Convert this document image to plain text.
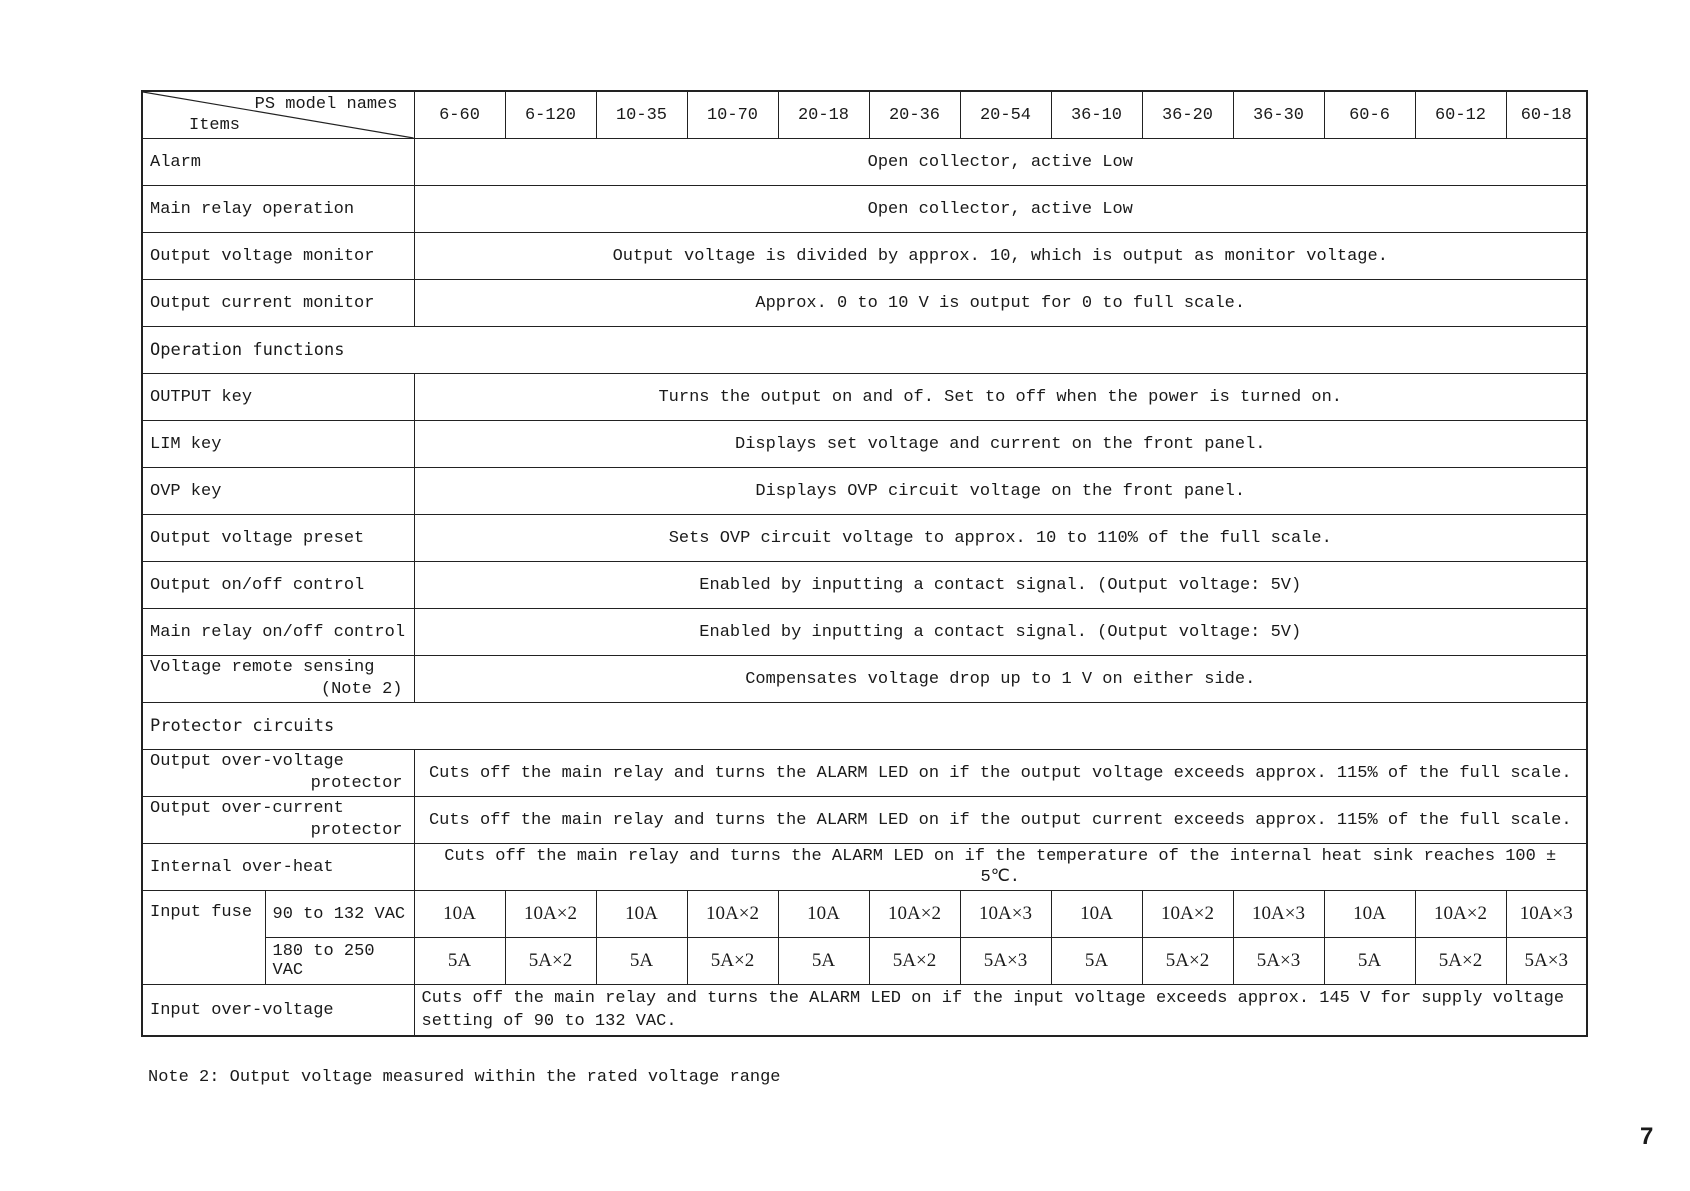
PS model names
Items		6-60	6-120	10-35	10-70	20-18	20-36	20-54	36-10	36-20	36-30	60-6	60-12	60-18
Alarm		Open collector, active Low												
Main relay operation		Open collector, active Low												
Output voltage monitor		Output voltage is divided by approx. 10, which is output as monitor voltage.												
Output current monitor		Approx. 0 to 10 V is output for 0 to full scale.												
Operation functions														
OUTPUT key		Turns the output on and of. Set to off when the power is turned on.												
LIM key		Displays set voltage and current on the front panel.												
OVP key		Displays OVP circuit voltage on the front panel.												
Output voltage preset		Sets OVP circuit voltage to approx. 10 to 110% of the full scale.												
Output on/off control		Enabled by inputting a contact signal. (Output voltage: 5V)												
Main relay on/off control		Enabled by inputting a contact signal. (Output voltage: 5V)												

Voltage remote sensing
(Note 2)		Compensates voltage drop up to 1 V on either side.												
Protector circuits														

Output over-voltage
protector		Cuts off the main relay and turns the ALARM LED on if the output voltage exceeds approx. 115% of the full scale.												

Output over-current
protector		Cuts off the main relay and turns the ALARM LED on if the output current exceeds approx. 115% of the full scale.												
Internal over-heat		Cuts off the main relay and turns the ALARM LED on if the temperature of the internal heat sink reaches 100 ± 5℃.												
Input fuse	90 to 132 VAC	10A	10A×2	10A	10A×2	10A	10A×2	10A×3	10A	10A×2	10A×3	10A	10A×2	10A×3
	180 to 250 VAC	5A	5A×2	5A	5A×2	5A	5A×2	5A×3	5A	5A×2	5A×3	5A	5A×2	5A×3
Input over-voltage		Cuts off the main relay and turns the ALARM LED on if the input voltage exceeds approx. 145 V for supply voltage setting of 90 to 132 VAC.												
Note 2: Output voltage measured within the rated voltage range
7
